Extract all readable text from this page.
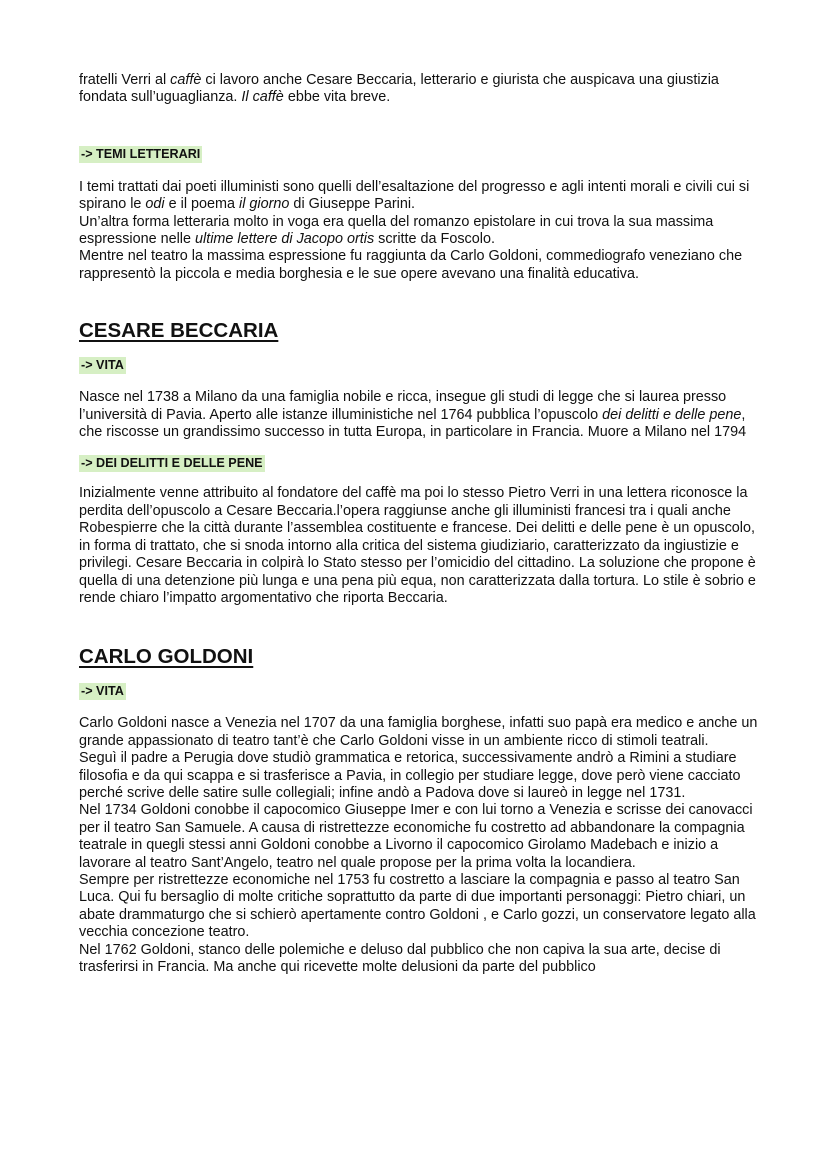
fratelli Verri al caffè ci lavoro anche Cesare Beccaria, letterario e giurista che auspicava una giustizia fondata sull’uguaglianza. Il caffè ebbe vita breve.

-> TEMI LETTERARI

I temi trattati dai poeti illuministi sono quelli dell’esaltazione del progresso e agli intenti morali e civili cui si spirano le odi e il poema il giorno di Giuseppe Parini.

Un’altra forma letteraria molto in voga era quella del romanzo epistolare in cui trova la sua massima espressione nelle ultime lettere di Jacopo ortis scritte da Foscolo.

Mentre nel teatro la massima espressione fu raggiunta da Carlo Goldoni, commediografo veneziano che rappresentò la piccola e media borghesia e le sue opere avevano una finalità educativa.

CESARE BECCARIA
-> VITA

Nasce nel 1738 a Milano da una famiglia nobile e ricca, insegue gli studi di legge che si laurea presso l’università di Pavia. Aperto alle istanze illuministiche nel 1764 pubblica l’opuscolo dei delitti e delle pene, che riscosse un grandissimo successo in tutta Europa, in particolare in Francia. Muore a Milano nel 1794

-> DEI DELITTI E DELLE PENE

Inizialmente venne attribuito al fondatore del caffè ma poi lo stesso Pietro Verri in una lettera riconosce la perdita dell’opuscolo a Cesare Beccaria.l’opera raggiunse anche gli illuministi francesi tra i quali anche Robespierre che la città durante l’assemblea costituente e francese. Dei delitti e delle pene è un opuscolo, in forma di trattato, che si snoda intorno alla critica del sistema giudiziario, caratterizzato da ingiustizie e privilegi. Cesare Beccaria in colpirà lo Stato stesso per l’omicidio del cittadino. La soluzione che propone è quella di una detenzione più lunga e una pena più equa, non caratterizzata dalla tortura. Lo stile è sobrio e rende chiaro l’impatto argomentativo che riporta Beccaria.

CARLO GOLDONI
-> VITA

Carlo Goldoni nasce a Venezia nel 1707 da una famiglia borghese, infatti suo papà era medico e anche un grande appassionato di teatro tant’è che Carlo Goldoni visse in un ambiente ricco di stimoli teatrali.

Seguì il padre a Perugia dove studiò grammatica e retorica, successivamente andrò a Rimini a studiare filosofia e da qui scappa e si trasferisce a Pavia, in collegio per studiare legge, dove però viene cacciato perché scrive delle satire sulle collegiali; infine andò a Padova dove si laureò in legge nel 1731.

Nel 1734 Goldoni conobbe il capocomico Giuseppe Imer e con lui torno a Venezia e scrisse dei canovacci per il teatro San Samuele. A causa di ristrettezze economiche fu costretto ad abbandonare la compagnia teatrale in quegli stessi anni Goldoni conobbe a Livorno il capocomico Girolamo Madebach e inizio a lavorare al teatro Sant’Angelo, teatro nel quale propose per la prima volta la locandiera.

Sempre per ristrettezze economiche nel 1753 fu costretto a lasciare la compagnia e passo al teatro San Luca. Qui fu bersaglio di molte critiche soprattutto da parte di due importanti personaggi: Pietro chiari, un abate drammaturgo che si schierò apertamente contro Goldoni , e Carlo gozzi, un conservatore legato alla vecchia concezione teatro.

Nel 1762 Goldoni, stanco delle polemiche e deluso dal pubblico che non capiva la sua arte, decise di trasferirsi in Francia. Ma anche qui ricevette molte delusioni da parte del pubblico
